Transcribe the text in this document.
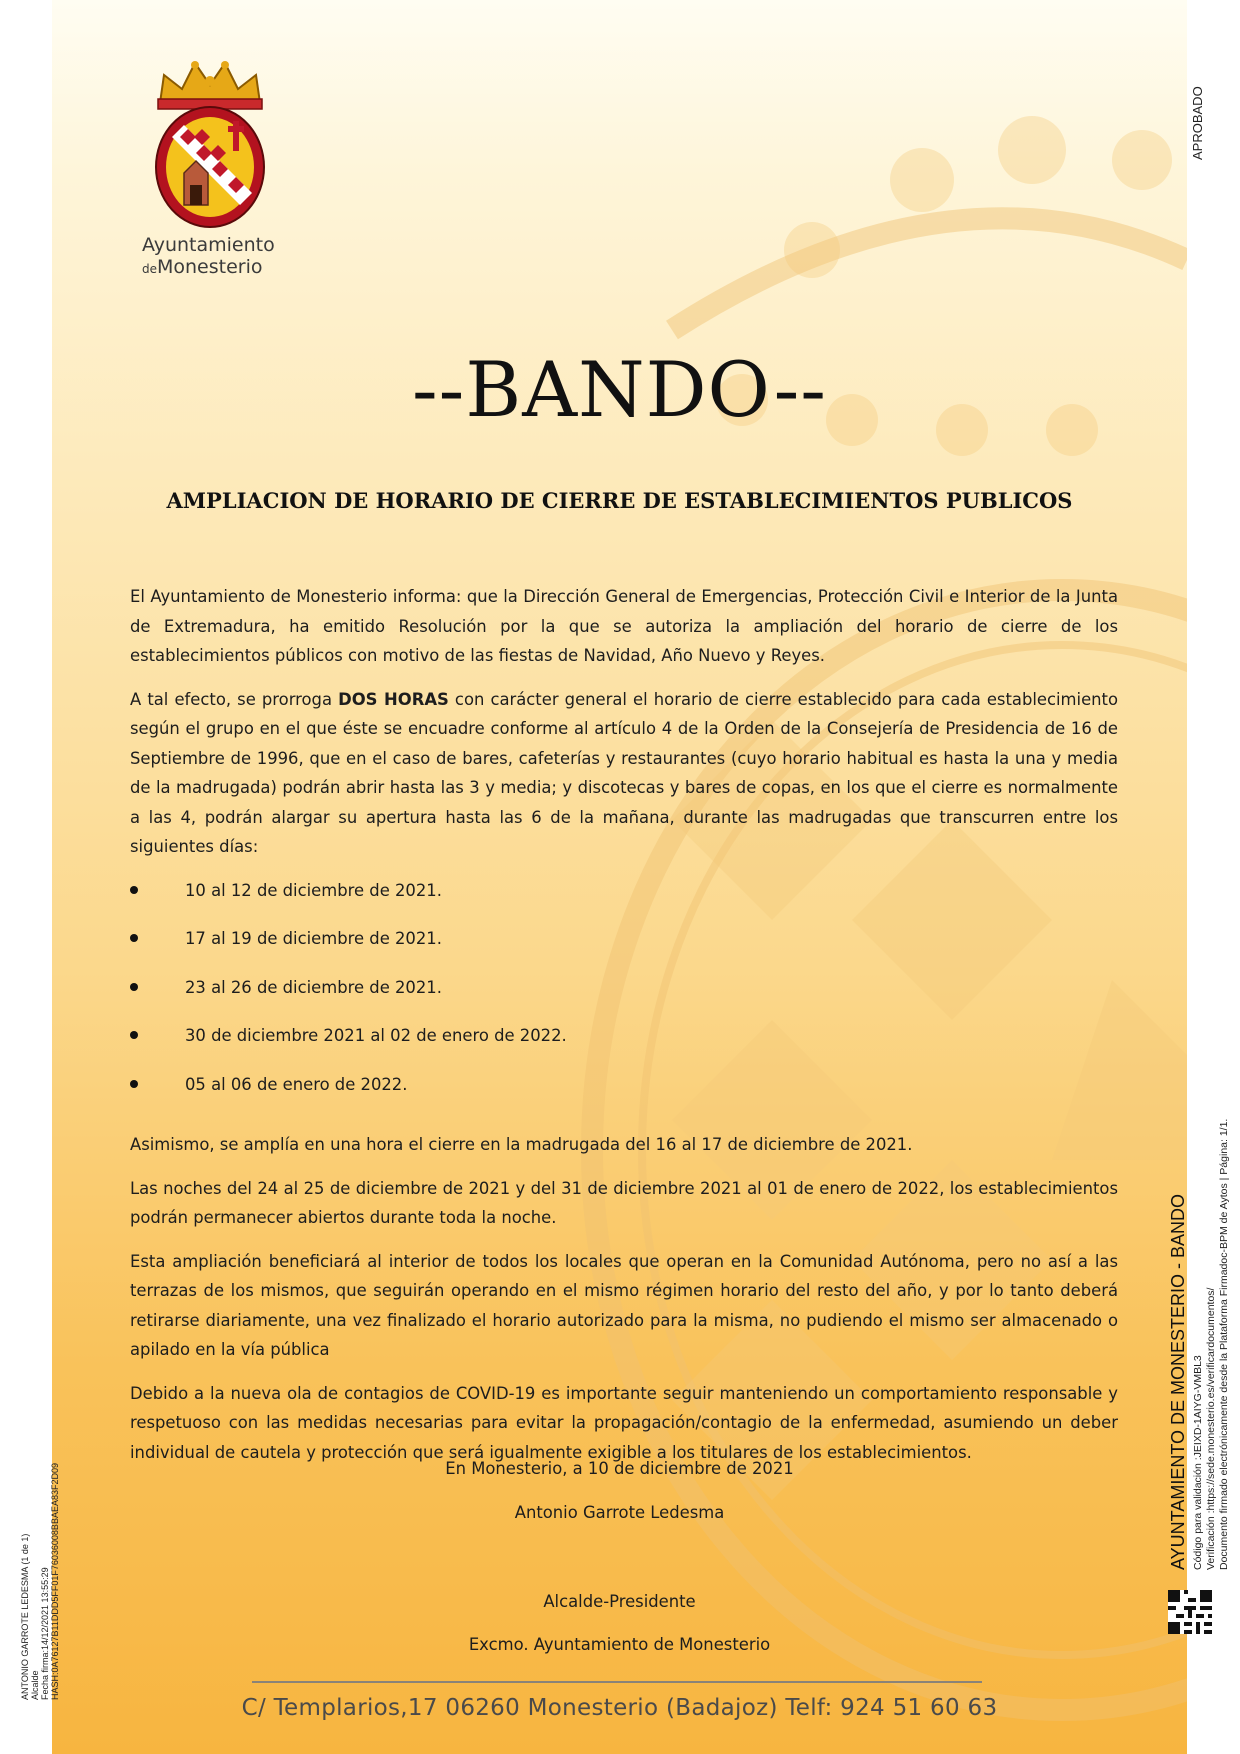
Ayuntamiento
deMonesterio
--BANDO--
AMPLIACION DE HORARIO DE CIERRE DE ESTABLECIMIENTOS PUBLICOS

El Ayuntamiento de Monesterio informa: que la Dirección General de Emergencias, Protección Civil e Interior de la Junta de Extremadura, ha emitido Resolución por la que se autoriza la ampliación del horario de cierre de los establecimientos públicos con motivo de las fiestas de Navidad, Año Nuevo y Reyes.

A tal efecto, se prorroga DOS HORAS con carácter general el horario de cierre establecido para cada establecimiento según el grupo en el que éste se encuadre conforme al artículo 4 de la Orden de la Consejería de Presidencia de 16 de Septiembre de 1996, que en el caso de bares, cafeterías y restaurantes (cuyo horario habitual es hasta la una y media de la madrugada) podrán abrir hasta las 3 y media; y discotecas y bares de copas, en los que el cierre es normalmente a las 4, podrán alargar su apertura hasta las 6 de la mañana, durante las madrugadas que transcurren entre los siguientes días:

10 al 12 de diciembre de 2021.
17 al 19 de diciembre de 2021.
23 al 26 de diciembre de 2021.
30 de diciembre 2021 al 02 de enero de 2022.
05 al 06 de enero de 2022.

Asimismo, se amplía en una hora el cierre en la madrugada del 16 al 17 de diciembre de 2021.

Las noches del 24 al 25 de diciembre de 2021 y del 31 de diciembre 2021 al 01 de enero de 2022, los establecimientos podrán permanecer abiertos durante toda la noche.

Esta ampliación beneficiará al interior de todos los locales que operan en la Comunidad Autónoma, pero no así a las terrazas de los mismos, que seguirán operando en el mismo régimen horario del resto del año, y por lo tanto deberá retirarse diariamente, una vez finalizado el horario autorizado para la misma, no pudiendo el mismo ser almacenado o apilado en la vía pública

Debido a la nueva ola de contagios de COVID-19 es importante seguir manteniendo un comportamiento responsable y respetuoso con las medidas necesarias para evitar la propagación/contagio de la enfermedad, asumiendo un deber individual de cautela y protección que será igualmente exigible a los titulares de los establecimientos.

En Monesterio, a 10 de diciembre de 2021
Antonio Garrote Ledesma
Alcalde-Presidente
Excmo. Ayuntamiento de Monesterio
C/ Templarios,17 06260 Monesterio (Badajoz) Telf: 924 51 60 63
APROBADO
AYUNTAMIENTO DE MONESTERIO - BANDO Código para validación :JEIXD-1AIYG-VMBL3 Verificación :https://sede.monesterio.es/verificardocumentos/ Documento firmado electrónicamente desde la Plataforma Firmadoc-BPM de Aytos | Página: 1/1.
ANTONIO GARROTE LEDESMA (1 de 1) Alcalde Fecha firma:14/12/2021 13:55:29 HASH:0A76127B11DDD5FF01F76036008BBAEA83F2D09
